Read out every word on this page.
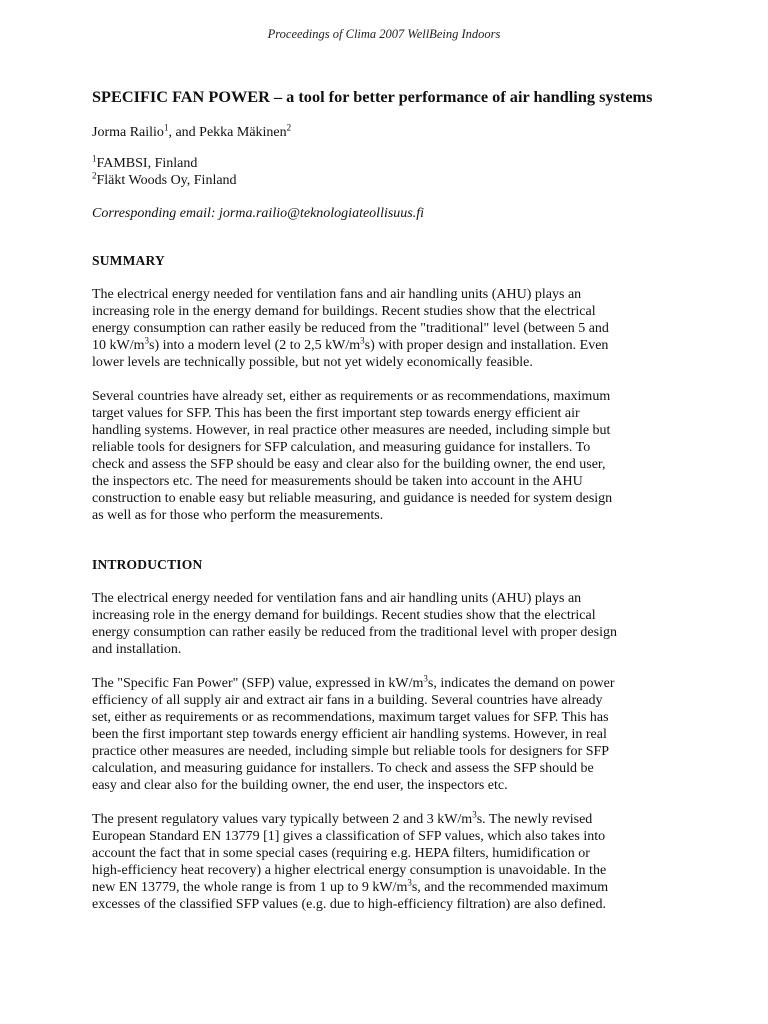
Proceedings of Clima 2007 WellBeing Indoors
SPECIFIC FAN POWER – a tool for better performance of air handling systems

Jorma Railio$^1$, and Pekka Mäkinen$^2$

$^1$FAMBSI, Finland

$^2$Fläkt Woods Oy, Finland

Corresponding email: jorma.railio@teknologiateollisuus.fi

SUMMARY

The electrical energy needed for ventilation fans and air handling units (AHU) plays an
increasing role in the energy demand for buildings. Recent studies show that the electrical
energy consumption can rather easily be reduced from the "traditional" level (between 5 and
10 $kW/m^3s$) into a modern level (2 to 2,5 $kW/m^3s$) with proper design and installation. Even
lower levels are technically possible, but not yet widely economically feasible.

Several countries have already set, either as requirements or as recommendations, maximum
target values for SFP. This has been the first important step towards energy efficient air
handling systems. However, in real practice other measures are needed, including simple but
reliable tools for designers for SFP calculation, and measuring guidance for installers. To
check and assess the SFP should be easy and clear also for the building owner, the end user,
the inspectors etc. The need for measurements should be taken into account in the AHU
construction to enable easy but reliable measuring, and guidance is needed for system design
as well as for those who perform the measurements.

INTRODUCTION

The electrical energy needed for ventilation fans and air handling units (AHU) plays an
increasing role in the energy demand for buildings. Recent studies show that the electrical
energy consumption can rather easily be reduced from the traditional level with proper design
and installation.

The "Specific Fan Power" (SFP) value, expressed in $kW/m^3s$, indicates the demand on power
efficiency of all supply air and extract air fans in a building. Several countries have already
set, either as requirements or as recommendations, maximum target values for SFP. This has
been the first important step towards energy efficient air handling systems. However, in real
practice other measures are needed, including simple but reliable tools for designers for SFP
calculation, and measuring guidance for installers. To check and assess the SFP should be
easy and clear also for the building owner, the end user, the inspectors etc.

The present regulatory values vary typically between 2 and 3 $kW/m^3s$. The newly revised
European Standard EN 13779 [1] gives a classification of SFP values, which also takes into
account the fact that in some special cases (requiring e.g. HEPA filters, humidification or
high-efficiency heat recovery) a higher electrical energy consumption is unavoidable. In the
new EN 13779, the whole range is from 1 up to 9 $kW/m^3s$, and the recommended maximum
excesses of the classified SFP values (e.g. due to high-efficiency filtration) are also defined.
